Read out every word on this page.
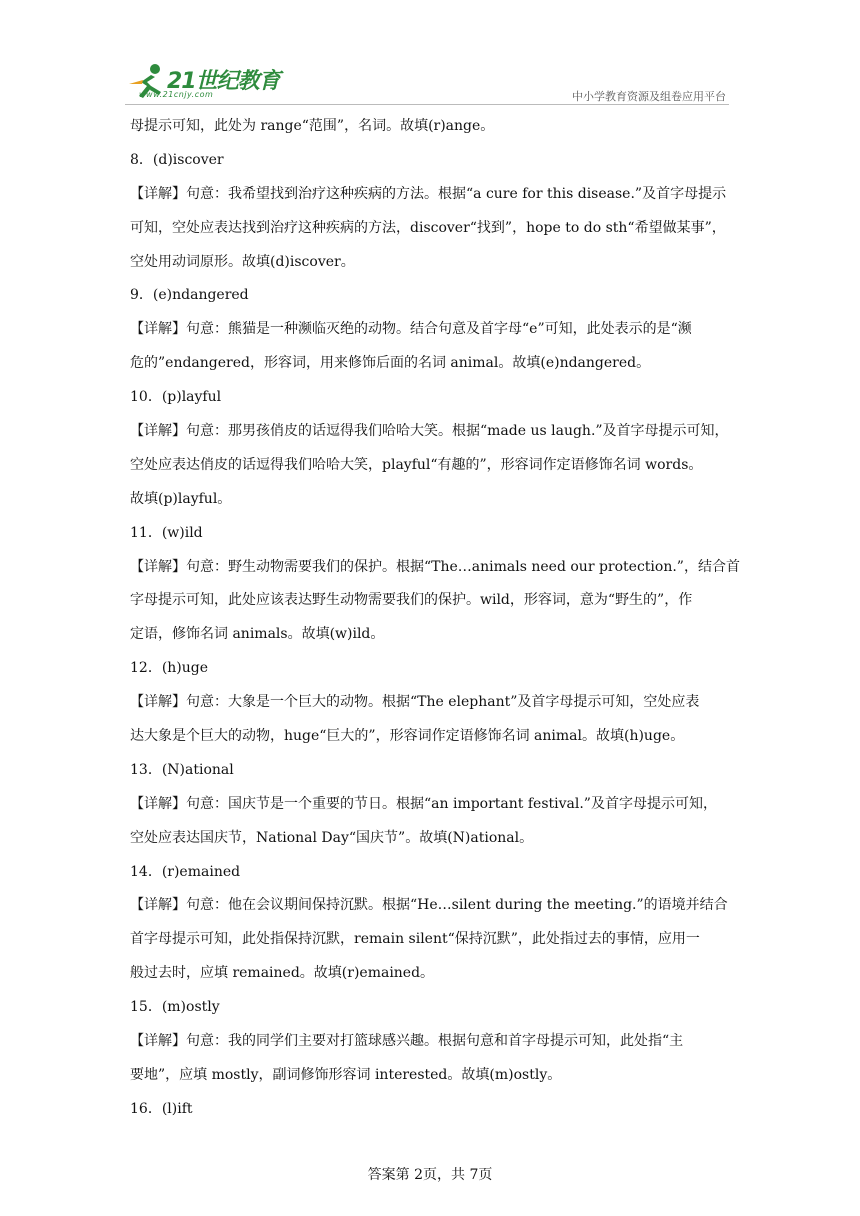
21世纪教育
www.21cnjy.com	中小学教育资源及组卷应用平台
母提示可知，此处为 range“范围”，名词。故填(r)ange。
8．(d)iscover
【详解】句意：我希望找到治疗这种疾病的方法。根据“a cure for this disease.”及首字母提示
可知，空处应表达找到治疗这种疾病的方法，discover“找到”，hope to do sth“希望做某事”，
空处用动词原形。故填(d)iscover。
9．(e)ndangered
【详解】句意：熊猫是一种濒临灭绝的动物。结合句意及首字母“e”可知，此处表示的是“濒
危的”endangered，形容词，用来修饰后面的名词 animal。故填(e)ndangered。
10．(p)layful
【详解】句意：那男孩俏皮的话逗得我们哈哈大笑。根据“made us laugh.”及首字母提示可知，
空处应表达俏皮的话逗得我们哈哈大笑，playful“有趣的”，形容词作定语修饰名词 words。
故填(p)layful。
11．(w)ild
【详解】句意：野生动物需要我们的保护。根据“The…animals need our protection.”，结合首
字母提示可知，此处应该表达野生动物需要我们的保护。wild，形容词，意为“野生的”，作
定语，修饰名词 animals。故填(w)ild。
12．(h)uge
【详解】句意：大象是一个巨大的动物。根据“The elephant”及首字母提示可知，空处应表
达大象是个巨大的动物，huge“巨大的”，形容词作定语修饰名词 animal。故填(h)uge。
13．(N)ational
【详解】句意：国庆节是一个重要的节日。根据“an important festival.”及首字母提示可知，
空处应表达国庆节，National Day“国庆节”。故填(N)ational。
14．(r)emained
【详解】句意：他在会议期间保持沉默。根据“He…silent during the meeting.”的语境并结合
首字母提示可知，此处指保持沉默，remain silent“保持沉默”，此处指过去的事情，应用一
般过去时，应填 remained。故填(r)emained。
15．(m)ostly
【详解】句意：我的同学们主要对打篮球感兴趣。根据句意和首字母提示可知，此处指“主
要地”，应填 mostly，副词修饰形容词 interested。故填(m)ostly。
16．(l)ift
答案第 2页，共 7页
